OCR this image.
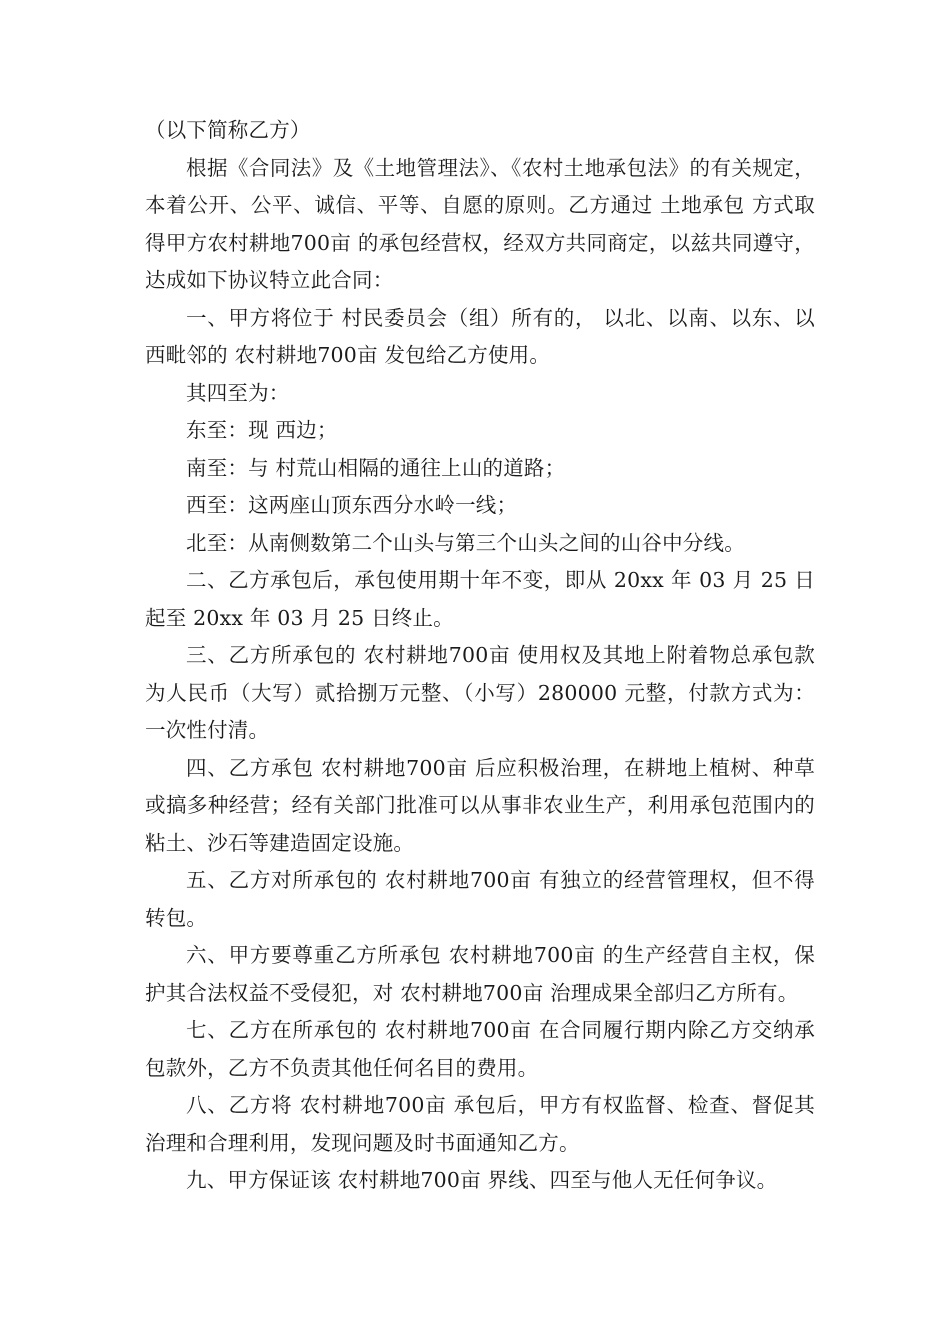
（以下简称乙方）

根据《合同法》及《土地管理法》、《农村土地承包法》的有关规定，本着公开、公平、诚信、平等、自愿的原则。乙方通过 土地承包 方式取得甲方农村耕地700亩 的承包经营权，经双方共同商定，以兹共同遵守，达成如下协议特立此合同：

一、甲方将位于 村民委员会（组）所有的， 以北、以南、以东、以西毗邻的 农村耕地700亩 发包给乙方使用。

其四至为：

东至：现 西边；

南至：与 村荒山相隔的通往上山的道路；

西至：这两座山顶东西分水岭一线；

北至：从南侧数第二个山头与第三个山头之间的山谷中分线。

二、乙方承包后，承包使用期十年不变，即从 20xx 年 03 月 25 日起至 20xx 年 03 月 25 日终止。

三、乙方所承包的 农村耕地700亩 使用权及其地上附着物总承包款为人民币（大写）贰拾捌万元整、（小写）280000 元整，付款方式为：一次性付清。

四、乙方承包 农村耕地700亩 后应积极治理，在耕地上植树、种草或搞多种经营；经有关部门批准可以从事非农业生产，利用承包范围内的粘土、沙石等建造固定设施。

五、乙方对所承包的 农村耕地700亩 有独立的经营管理权，但不得转包。

六、甲方要尊重乙方所承包 农村耕地700亩 的生产经营自主权，保护其合法权益不受侵犯，对 农村耕地700亩 治理成果全部归乙方所有。

七、乙方在所承包的 农村耕地700亩 在合同履行期内除乙方交纳承包款外，乙方不负责其他任何名目的费用。

八、乙方将 农村耕地700亩 承包后，甲方有权监督、检查、督促其治理和合理利用，发现问题及时书面通知乙方。

九、甲方保证该 农村耕地700亩 界线、四至与他人无任何争议。
